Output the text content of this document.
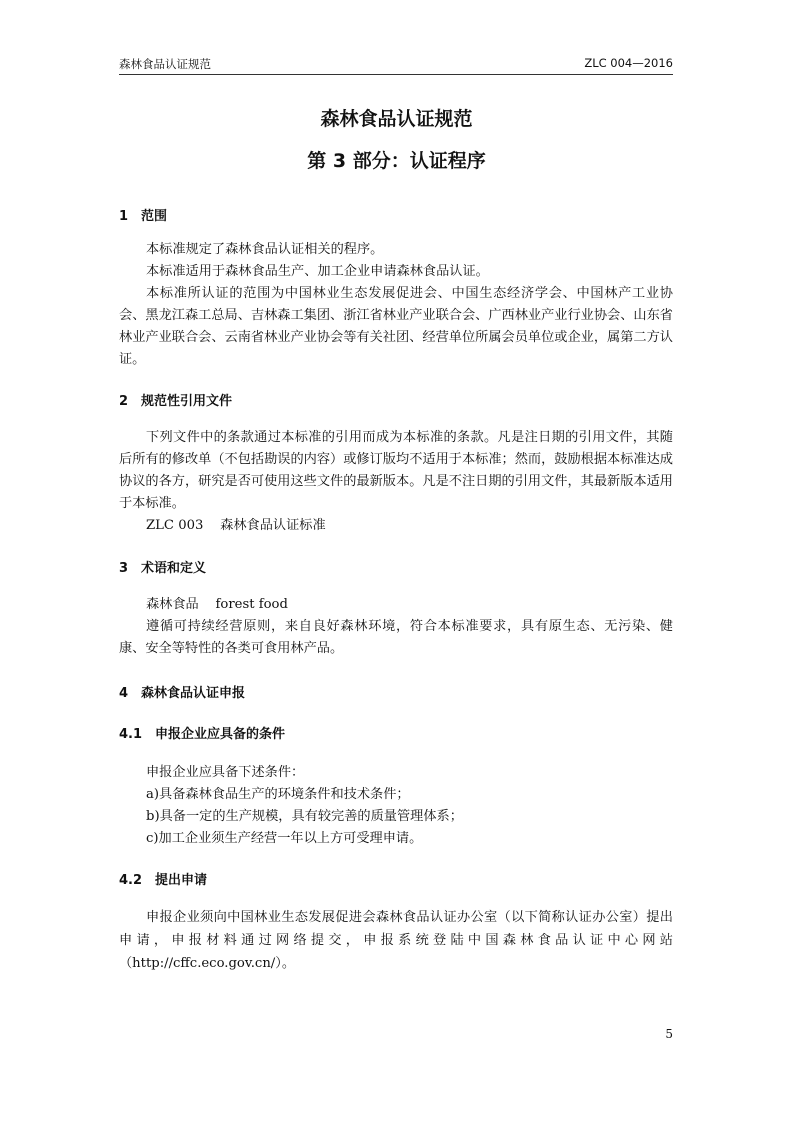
森林食品认证规范	ZLC 004—2016
森林食品认证规范
第 3 部分：认证程序
1 范围
本标准规定了森林食品认证相关的程序。
本标准适用于森林食品生产、加工企业申请森林食品认证。
本标准所认证的范围为中国林业生态发展促进会、中国生态经济学会、中国林产工业协会、黑龙江森工总局、吉林森工集团、浙江省林业产业联合会、广西林业产业行业协会、山东省林业产业联合会、云南省林业产业协会等有关社团、经营单位所属会员单位或企业，属第二方认证。
2 规范性引用文件
下列文件中的条款通过本标准的引用而成为本标准的条款。凡是注日期的引用文件，其随后所有的修改单（不包括勘误的内容）或修订版均不适用于本标准；然而，鼓励根据本标准达成协议的各方，研究是否可使用这些文件的最新版本。凡是不注日期的引用文件，其最新版本适用于本标准。
ZLC 003 森林食品认证标准
3 术语和定义
森林食品 forest food
遵循可持续经营原则，来自良好森林环境，符合本标准要求，具有原生态、无污染、健康、安全等特性的各类可食用林产品。
4 森林食品认证申报
4.1 申报企业应具备的条件
申报企业应具备下述条件：
a)具备森林食品生产的环境条件和技术条件；
b)具备一定的生产规模，具有较完善的质量管理体系；
c)加工企业须生产经营一年以上方可受理申请。
4.2 提出申请
申报企业须向中国林业生态发展促进会森林食品认证办公室（以下简称认证办公室）提出申请，申报材料通过网络提交，申报系统登陆中国森林食品认证中心网站（http://cffc.eco.gov.cn/）。
5
